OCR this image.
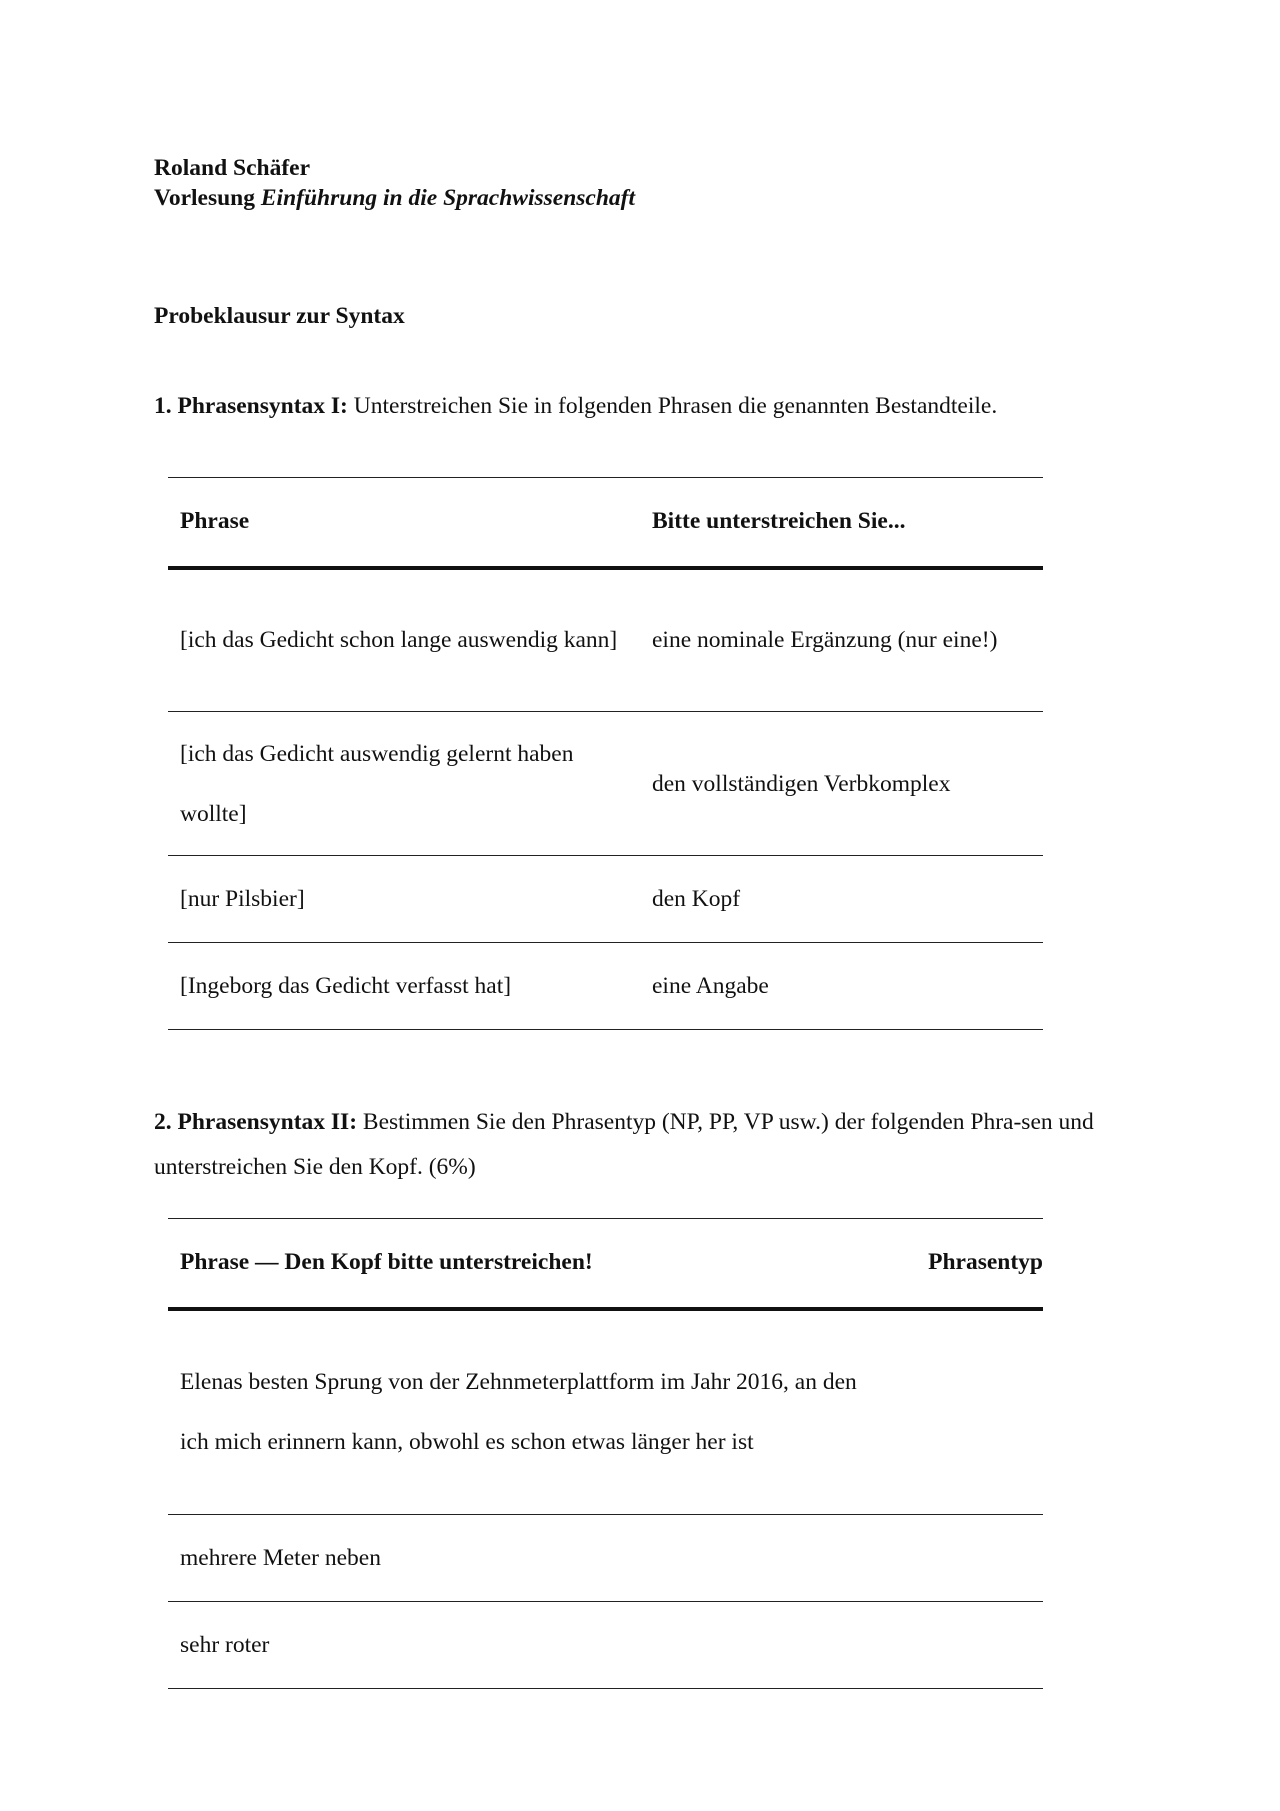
Roland Schäfer
Vorlesung Einführung in die Sprachwissenschaft
Probeklausur zur Syntax
1. Phrasensyntax I: Unterstreichen Sie in folgenden Phrasen die genannten Bestandteile.
Phrase	Bitte unterstreichen Sie...
[ich das Gedicht schon lange auswendig kann]	eine nominale Ergänzung (nur eine!)
[ich das Gedicht auswendig gelernt haben wollte]	den vollständigen Verbkomplex
[nur Pilsbier]	den Kopf
[Ingeborg das Gedicht verfasst hat]	eine Angabe
2. Phrasensyntax II: Bestimmen Sie den Phrasentyp (NP, PP, VP usw.) der folgenden Phra-sen und unterstreichen Sie den Kopf. (6%)
Phrase — Den Kopf bitte unterstreichen!	Phrasentyp
Elenas besten Sprung von der Zehnmeterplattform im Jahr 2016, an den ich mich erinnern kann, obwohl es schon etwas länger her ist	
mehrere Meter neben	
sehr roter	
